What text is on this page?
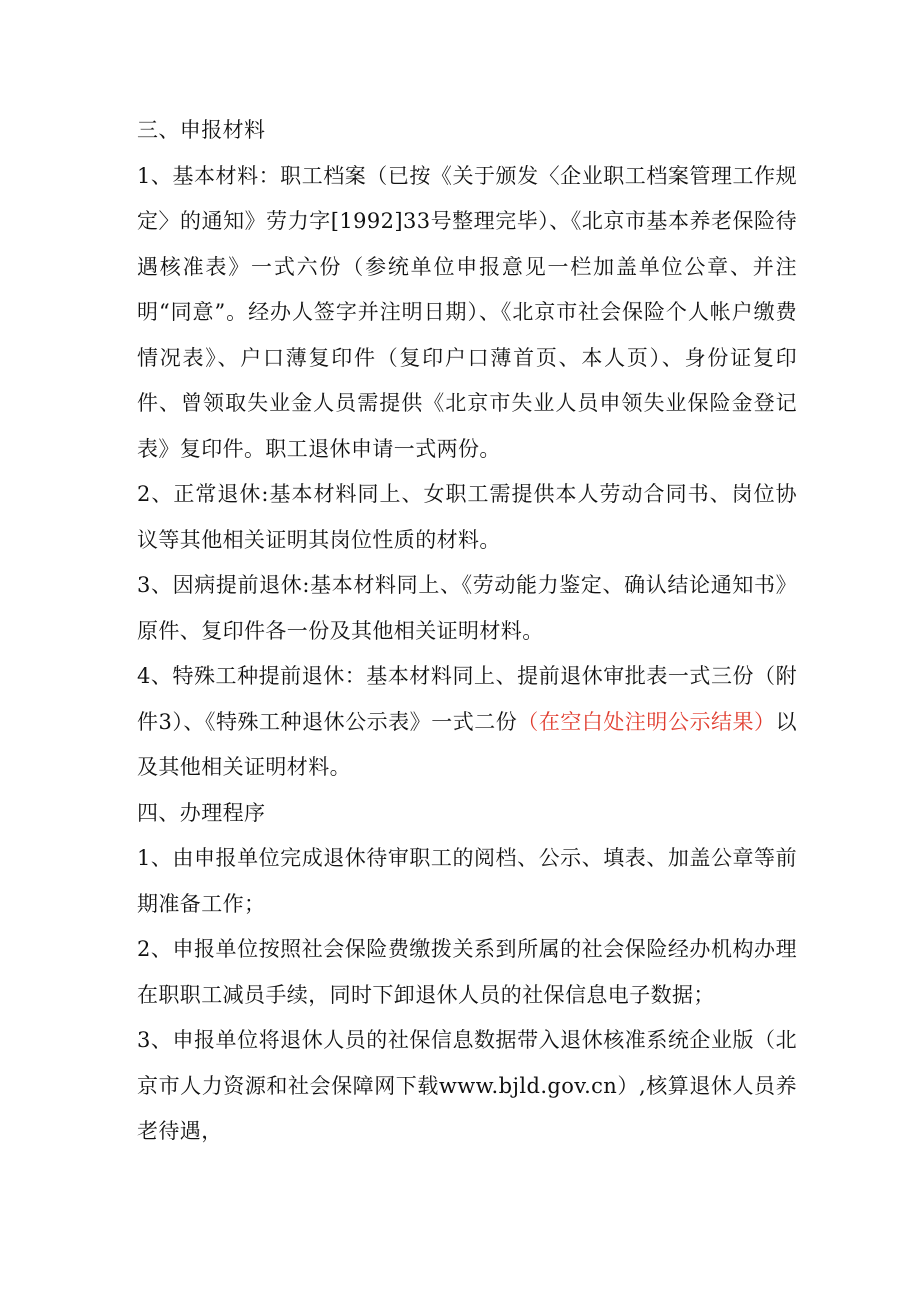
三、申报材料

1、基本材料：职工档案（已按《关于颁发〈企业职工档案管理工作规定〉的通知》劳力字[1992]33号整理完毕）、《北京市基本养老保险待遇核准表》一式六份（参统单位申报意见一栏加盖单位公章、并注明“同意”。经办人签字并注明日期）、《北京市社会保险个人帐户缴费情况表》、户口薄复印件（复印户口薄首页、本人页）、身份证复印件、曾领取失业金人员需提供《北京市失业人员申领失业保险金登记表》复印件。职工退休申请一式两份。

2、正常退休:基本材料同上、女职工需提供本人劳动合同书、岗位协议等其他相关证明其岗位性质的材料。

3、因病提前退休:基本材料同上、《劳动能力鉴定、确认结论通知书》原件、复印件各一份及其他相关证明材料。

4、特殊工种提前退休：基本材料同上、提前退休审批表一式三份（附件3）、《特殊工种退休公示表》一式二份（在空白处注明公示结果）以及其他相关证明材料。

四、办理程序

1、由申报单位完成退休待审职工的阅档、公示、填表、加盖公章等前期准备工作；

2、申报单位按照社会保险费缴拨关系到所属的社会保险经办机构办理在职职工减员手续，同时下卸退休人员的社保信息电子数据；

3、申报单位将退休人员的社保信息数据带入退休核准系统企业版（北京市人力资源和社会保障网下载www.bjld.gov.cn）,核算退休人员养老待遇，
